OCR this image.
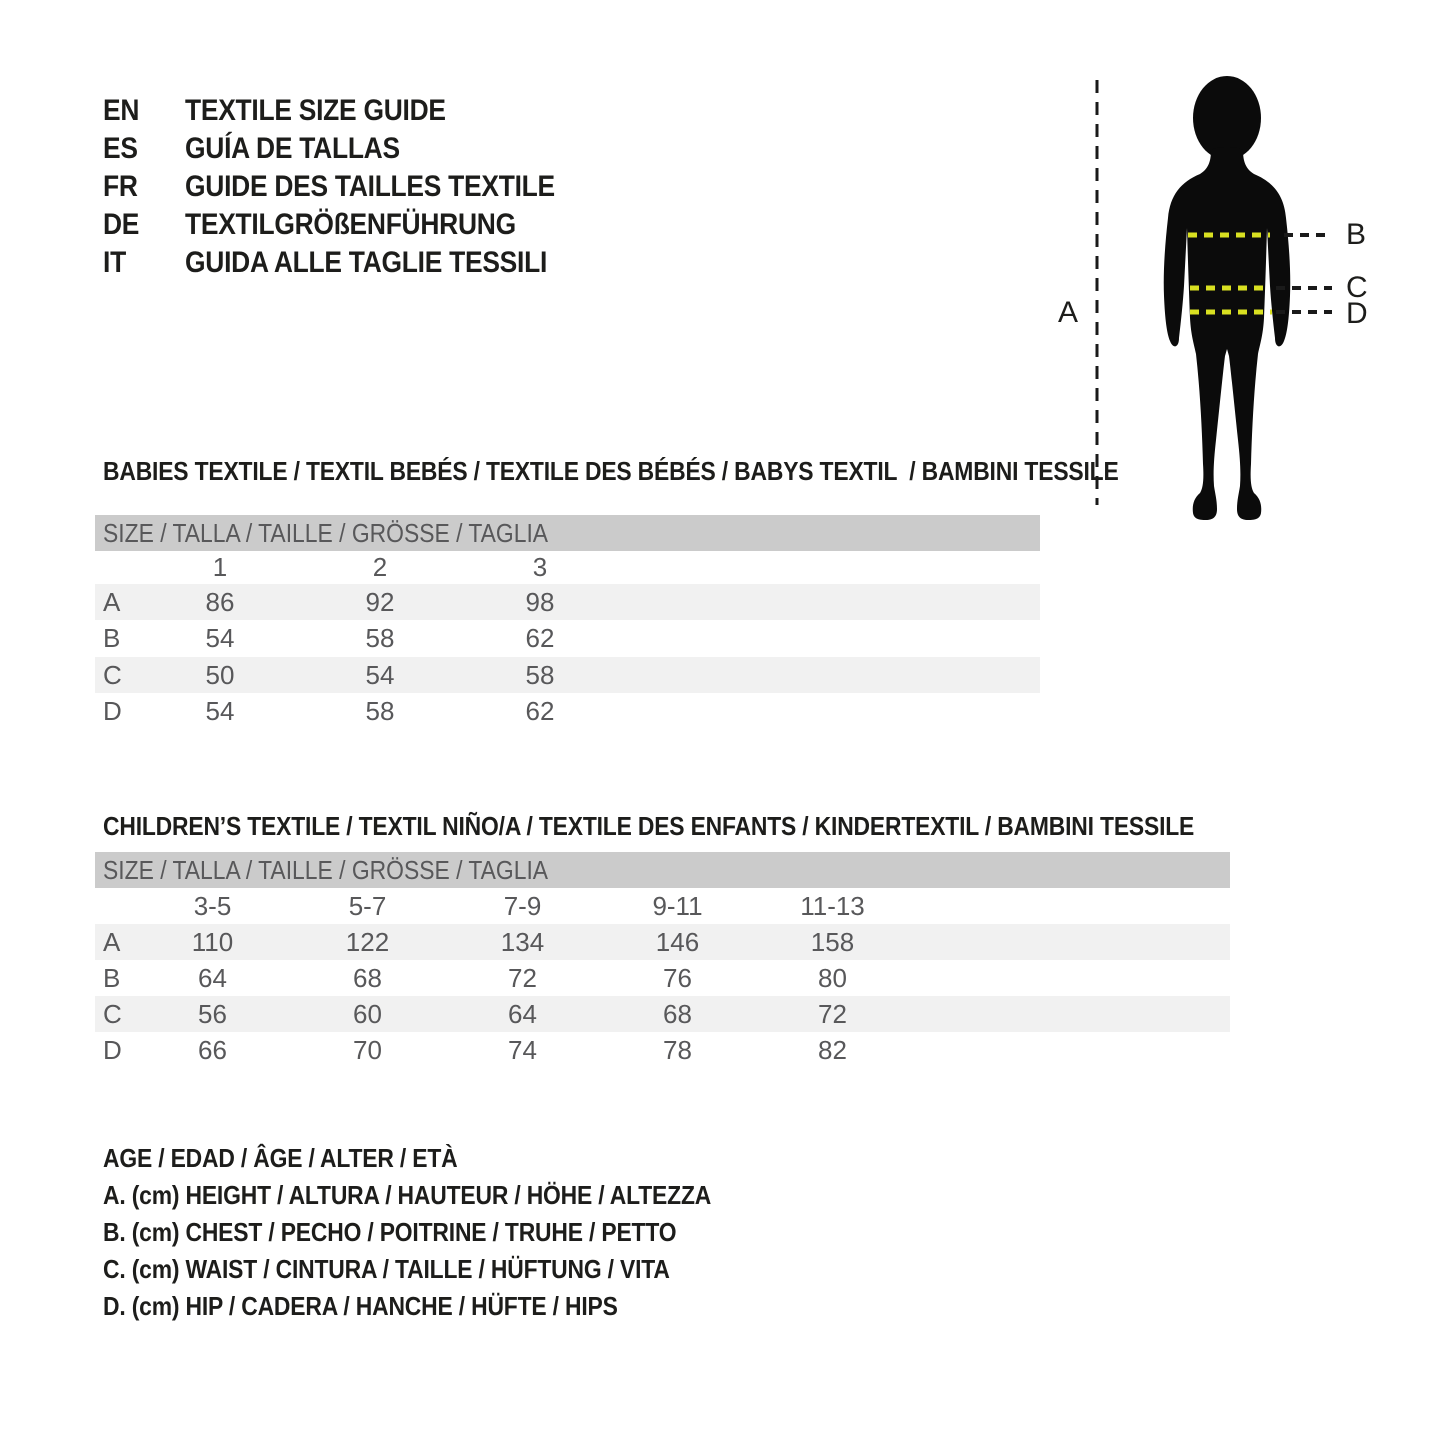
EN TEXTILE SIZE GUIDE
ES GUÍA DE TALLAS
FR GUIDE DES TAILLES TEXTILE
DE TEXTILGRÖßENFÜHRUNG
IT GUIDA ALLE TAGLIE TESSILI
A
B
C
D
BABIES TEXTILE / TEXTIL BEBÉS / TEXTILE DES BÉBÉS / BABYS TEXTIL  / BAMBINI TESSILE
SIZE / TALLA / TAILLE / GRÖSSE / TAGLIA
1	2	3
A	86	92	98
B	54	58	62
C	50	54	58
D	54	58	62
CHILDREN’S TEXTILE / TEXTIL NIÑO/A / TEXTILE DES ENFANTS / KINDERTEXTIL / BAMBINI TESSILE
SIZE / TALLA / TAILLE / GRÖSSE / TAGLIA
3-5	5-7	7-9	9-11	11-13
A	110	122	134	146	158
B	64	68	72	76	80
C	56	60	64	68	72
D	66	70	74	78	82
AGE / EDAD / ÂGE / ALTER / ETÀ
A. (cm) HEIGHT / ALTURA / HAUTEUR / HÖHE / ALTEZZA
B. (cm) CHEST / PECHO / POITRINE / TRUHE / PETTO
C. (cm) WAIST / CINTURA / TAILLE / HÜFTUNG / VITA
D. (cm) HIP / CADERA / HANCHE / HÜFTE / HIPS
